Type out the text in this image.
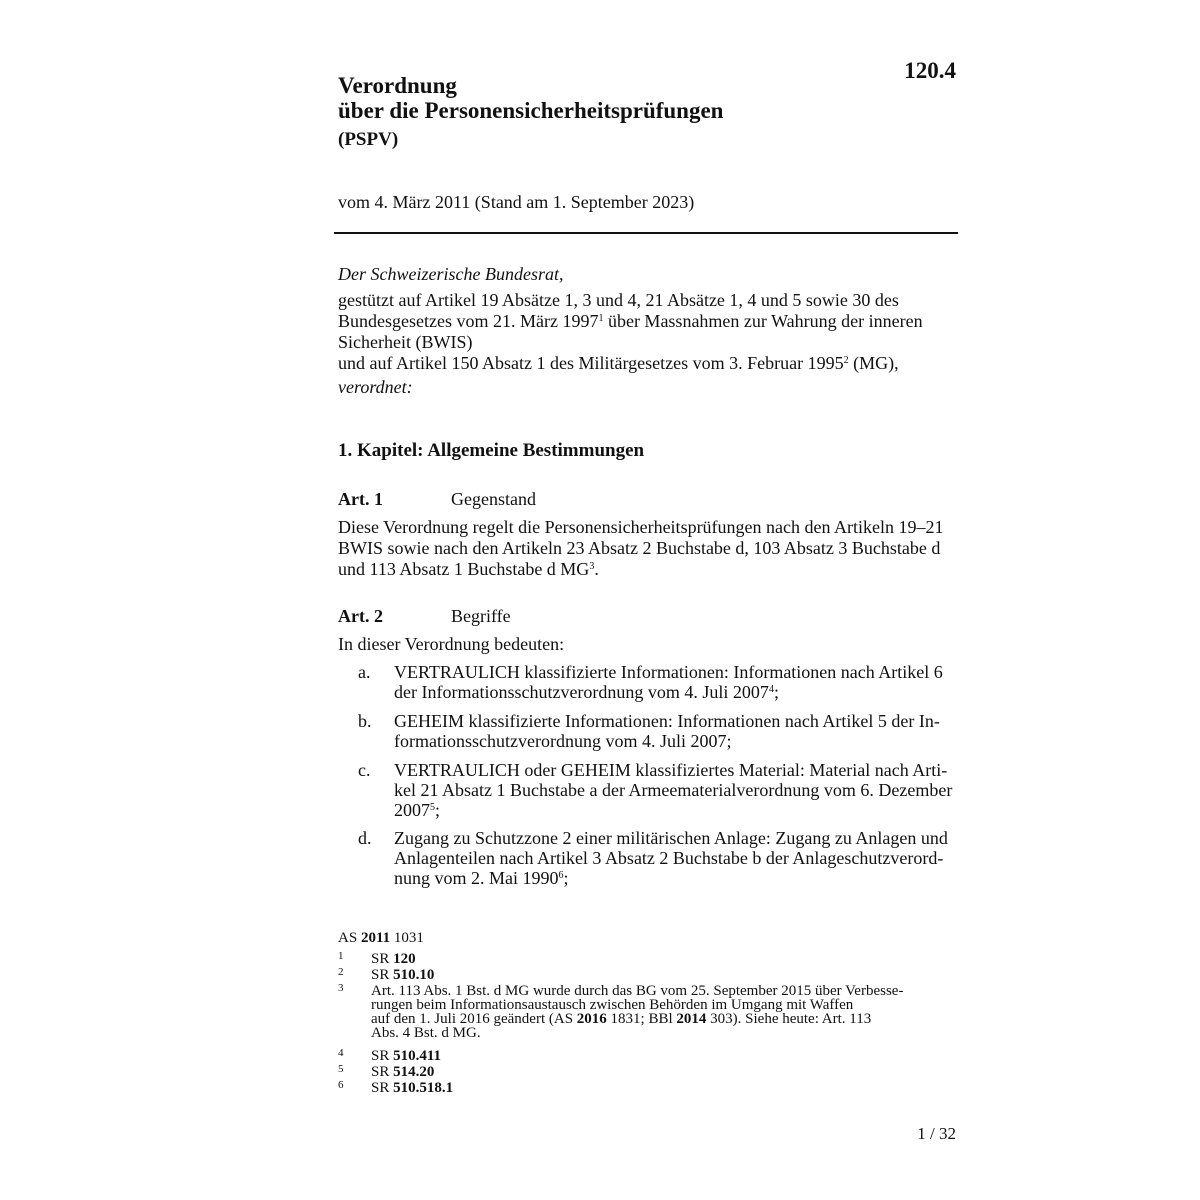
120.4
Verordnung
über die Personensicherheitsprüfungen
(PSPV)
vom 4. März 2011 (Stand am 1. September 2023)
Der Schweizerische Bundesrat,
gestützt auf Artikel 19 Absätze 1, 3 und 4, 21 Absätze 1, 4 und 5 sowie 30 des
Bundesgesetzes vom 21. März 1997$^1$ über Massnahmen zur Wahrung der inneren
Sicherheit (BWIS)
und auf Artikel 150 Absatz 1 des Militärgesetzes vom 3. Februar 1995$^2$ (MG),
verordnet:
1. Kapitel: Allgemeine Bestimmungen
Art. 1	Gegenstand
Diese Verordnung regelt die Personensicherheitsprüfungen nach den Artikeln 19–21
BWIS sowie nach den Artikeln 23 Absatz 2 Buchstabe d, 103 Absatz 3 Buchstabe d
und 113 Absatz 1 Buchstabe d $MG^3$.
Art. 2	Begriffe
In dieser Verordnung bedeuten:
a. VERTRAULICH klassifizierte Informationen: Informationen nach Artikel 6
der Informationsschutzverordnung vom 4. Juli 2007$^4$;
b. GEHEIM klassifizierte Informationen: Informationen nach Artikel 5 der In-
formationsschutzverordnung vom 4. Juli 2007;
c. VERTRAULICH oder GEHEIM klassifiziertes Material: Material nach Arti-
kel 21 Absatz 1 Buchstabe a der Armeematerialverordnung vom 6. Dezember
2007$^5$;
d. Zugang zu Schutzzone 2 einer militärischen Anlage: Zugang zu Anlagen und
Anlagenteilen nach Artikel 3 Absatz 2 Buchstabe b der Anlageschutzverord-
nung vom 2. Mai 1990$^6$;
AS 2011 1031
1 SR 120
2 SR 510.10
3 Art. 113 Abs. 1 Bst. d MG wurde durch das BG vom 25. September 2015 über Verbesse-
rungen beim Informationsaustausch zwischen Behörden im Umgang mit Waffen
auf den 1. Juli 2016 geändert (AS 2016 1831; BBl 2014 303). Siehe heute: Art. 113
Abs. 4 Bst. d MG.
4 SR 510.411
5 SR 514.20
6 SR 510.518.1
1 / 32
